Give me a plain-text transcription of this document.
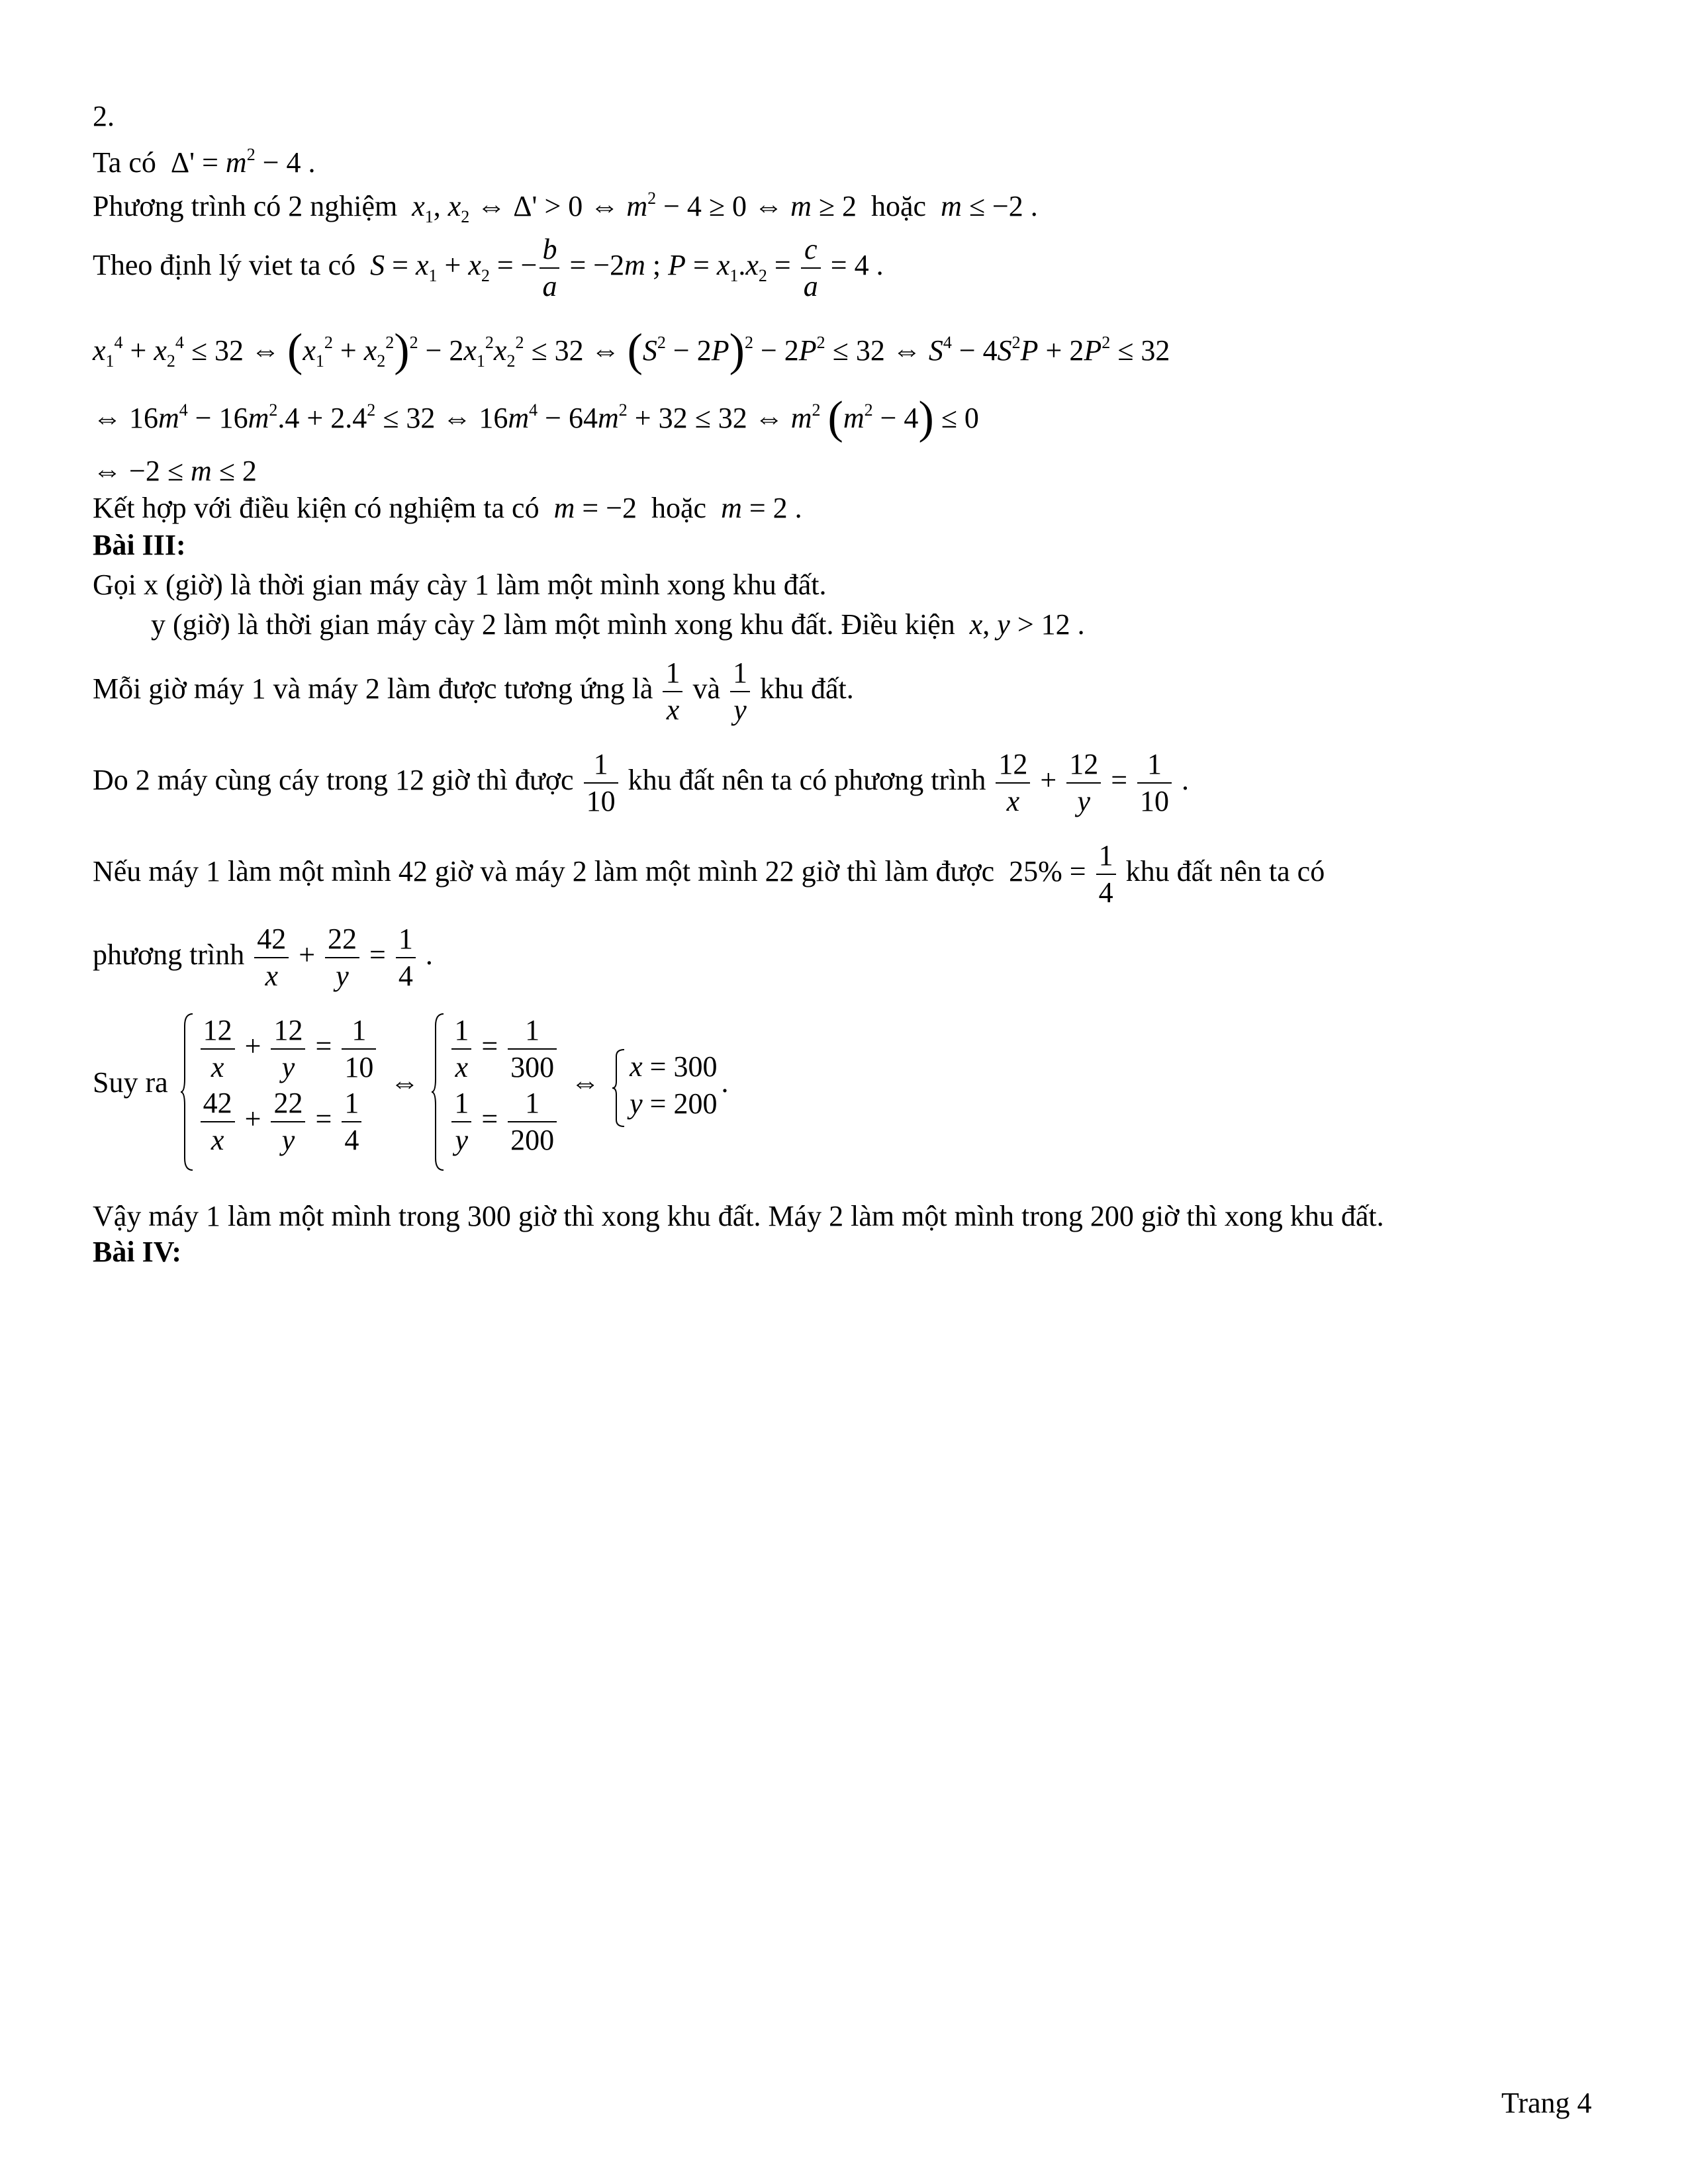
2.
Ta có  $\Delta' = m^2 - 4$ .
Phương trình có 2 nghiệm $x_1$, $x_2$ ⇔ Δ' > 0 ⇔ $m^2 - 4 \ge 0$ ⇔ m ≥ 2  hoặc m ≤ −2 .
Theo định lý viet ta có $S = x_1 + x_2$ = − $\frac{b}{a} = -2m$ ; $P = x_1.x_2 = \frac{c}{a} = 4$ .
$x_1^4 + x_2^4 \le 32$ ⇔ $(x_1^2 + x_2^2)^2 - 2x_1^2x_2^2 \le 32$ ⇔ $(S^2 - 2P)^2 - 2P^2 \le 32$ ⇔ $S^4 - 4S^2P + 2P^2 \le 32$
⇔ $16m^4 - 16m^2.4 + 2.4^2 \le 32$ ⇔ $16m^4 - 64m^2 + 32 \le 32$ ⇔ $m^2$ $(m^2 - 4) \le 0$
⇔ −2 ≤ m ≤ 2
Kết hợp với điều kiện có nghiệm ta có m = −2  hoặc m = 2 .
Bài III:
Gọi x (giờ) là thời gian máy cày 1 làm một mình xong khu đất.
y (giờ) là thời gian máy cày 2 làm một mình xong khu đất. Điều kiện x, y > 12 .
Mỗi giờ máy 1 và máy 2 làm được tương ứng là $\frac{1}{x}$ và $\frac{1}{y}$ khu đất.
Do 2 máy cùng cáy trong 12 giờ thì được $\frac{1}{10}$ khu đất nên ta có phương trình $\frac{12}{x} + \frac{12}{y} = \frac{1}{10}$ .
Nếu máy 1 làm một mình 42 giờ và máy 2 làm một mình 22 giờ thì làm được  $25\% = \frac{1}{4}$ khu đất nên ta có
phương trình $\frac{42}{x} + \frac{22}{y} = \frac{1}{4}$ .
Suy ra $\frac{12}{x} + \frac{12}{y} = \frac{1}{10}$
$\frac{42}{x} + \frac{22}{y} = \frac{1}{4}$
⇔ $\frac{1}{x} = \frac{1}{300}$
$\frac{1}{y} = \frac{1}{200}$
⇔ x = 300
y = 200
.
Vậy máy 1 làm một mình trong 300 giờ thì xong khu đất. Máy 2 làm một mình trong 200 giờ thì xong khu đất.
Bài IV:
Trang 4
